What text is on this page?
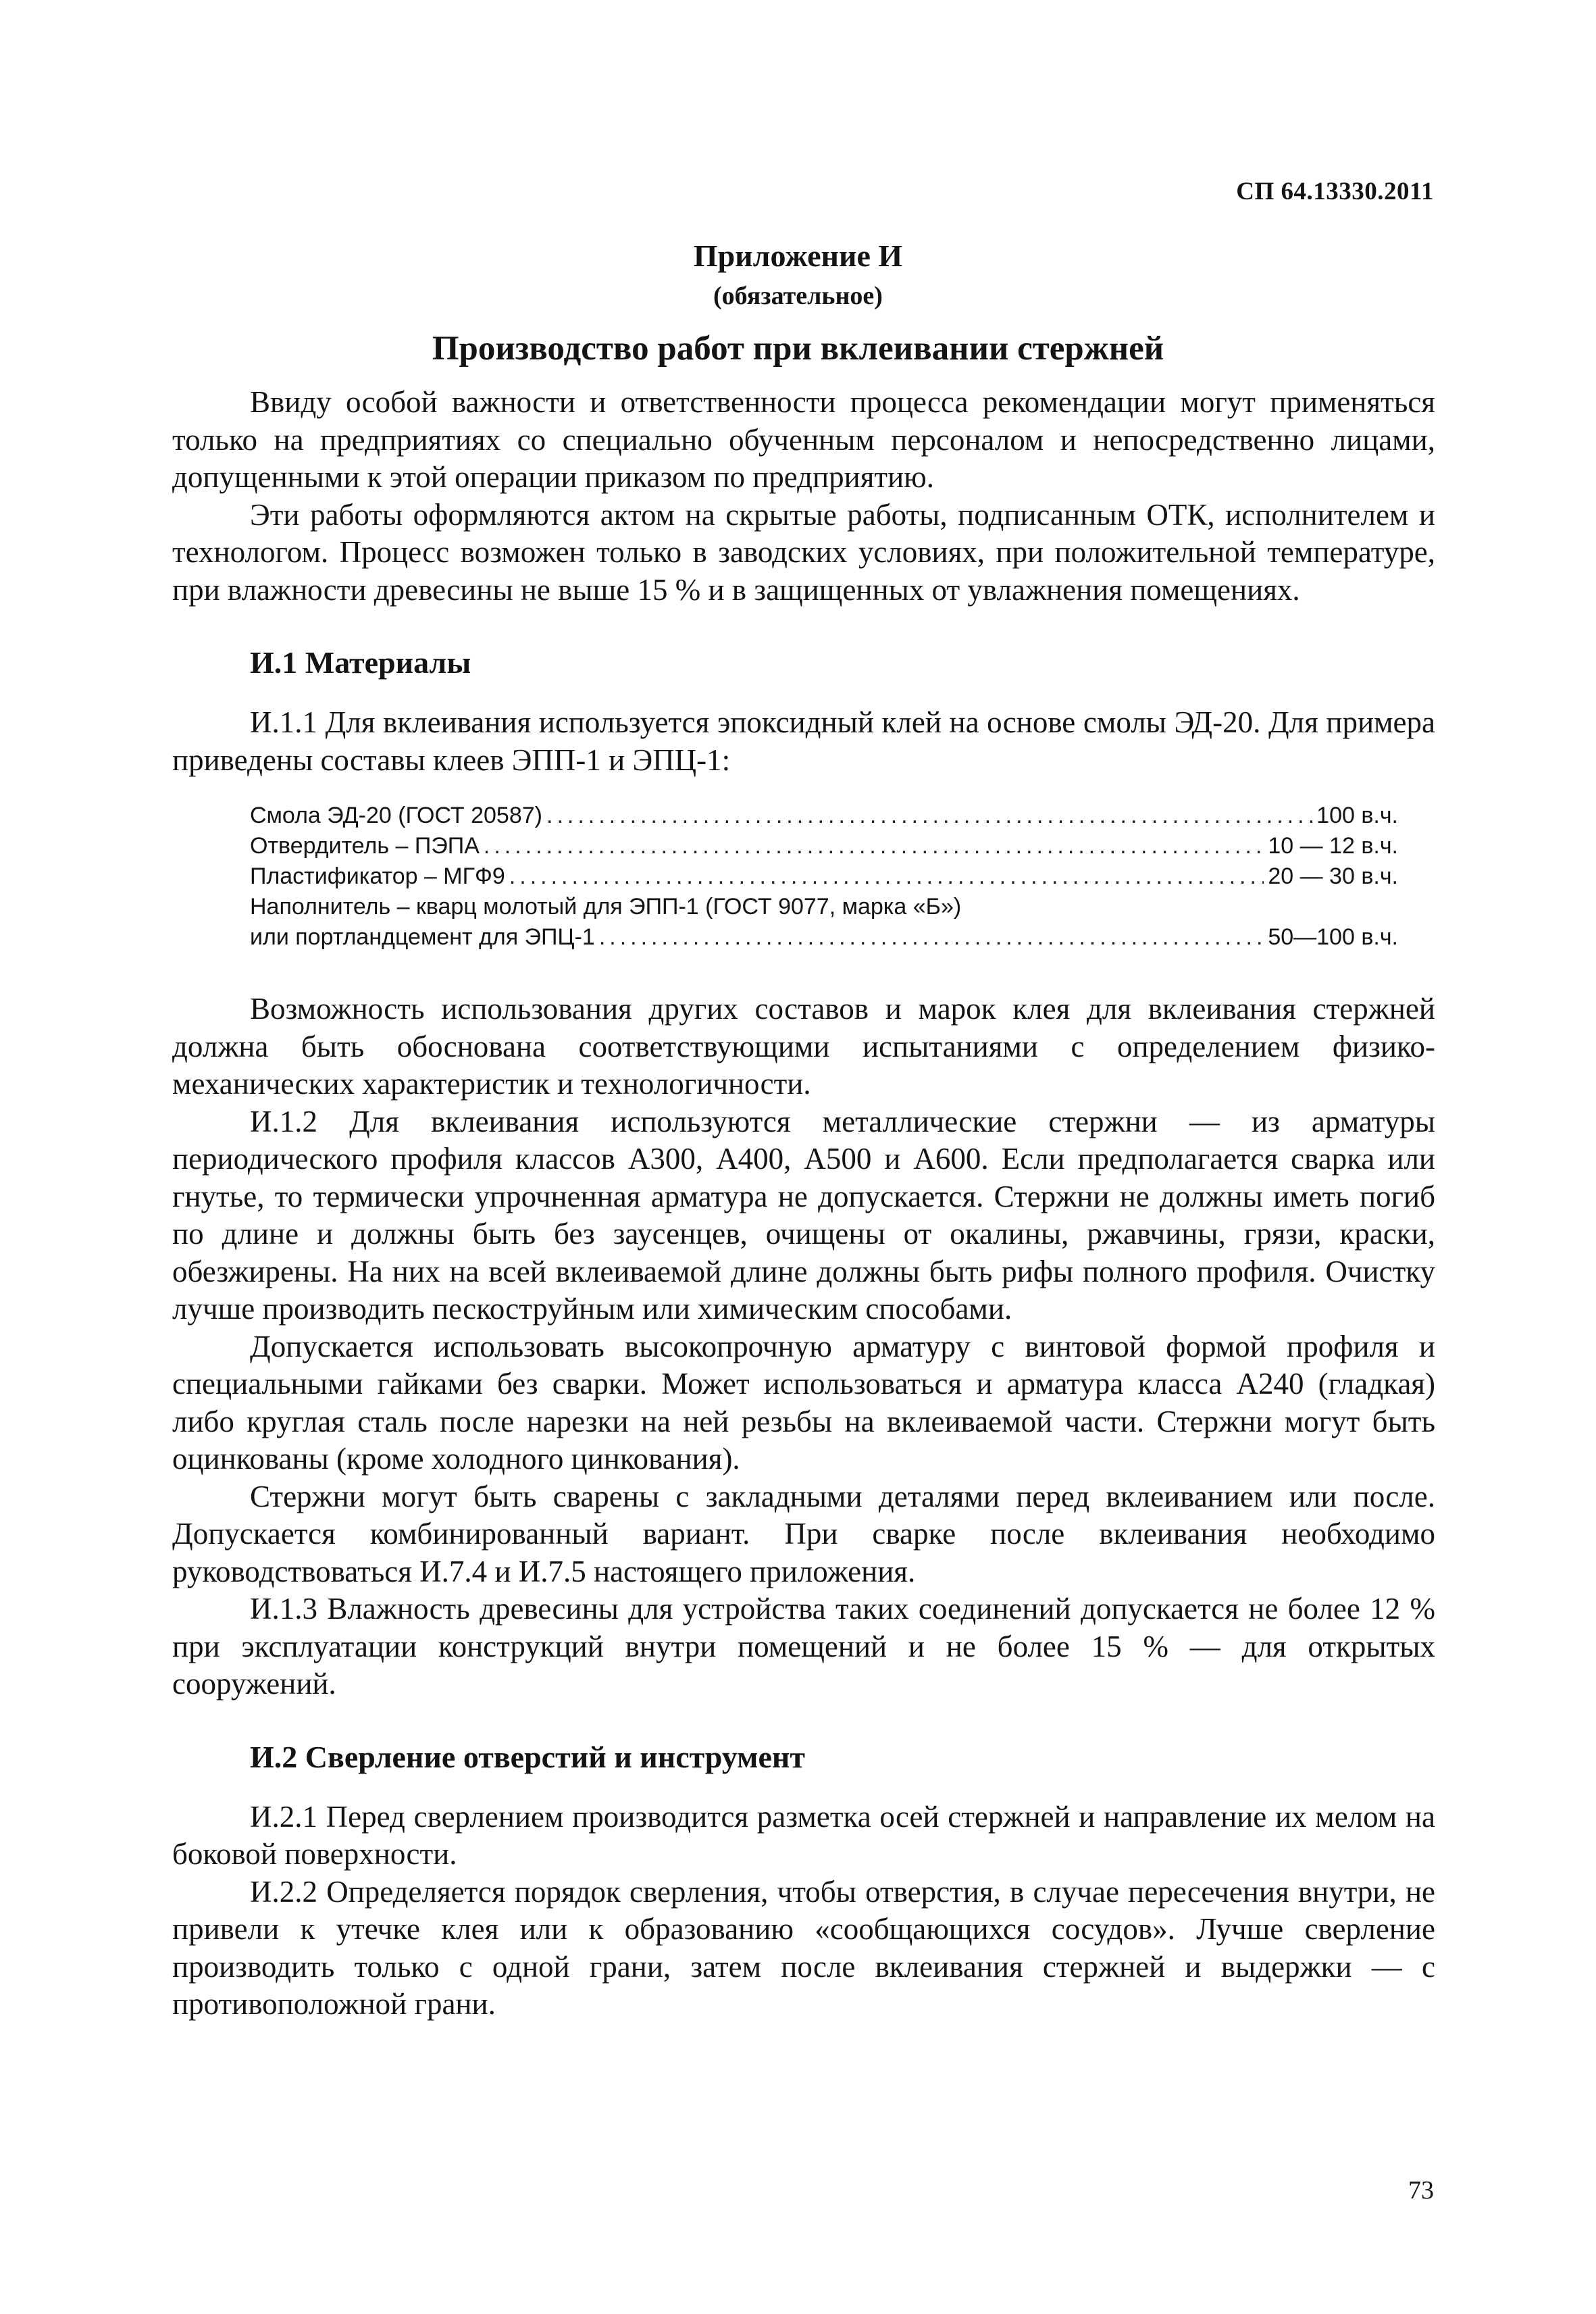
СП 64.13330.2011
Приложение И
(обязательное)
Производство работ при вклеивании стержней

Ввиду особой важности и ответственности процесса рекомендации могут применяться только на предприятиях со специально обученным персоналом и непосредственно лицами, допущенными к этой операции приказом по предприятию.

Эти работы оформляются актом на скрытые работы, подписанным ОТК, исполнителем и технологом. Процесс возможен только в заводских условиях, при положительной температуре, при влажности древесины не выше 15 % и в защищенных от увлажнения помещениях.

И.1 Материалы

И.1.1 Для вклеивания используется эпоксидный клей на основе смолы ЭД-20. Для примера приведены составы клеев ЭПП-1 и ЭПЦ-1:

Смола ЭД-20 (ГОСТ 20587) .....	100 в.ч.
Отвердитель – ПЭПА .....	10 — 12 в.ч.
Пластификатор – МГФ9 .....	20 — 30 в.ч.
Наполнитель – кварц молотый для ЭПП-1 (ГОСТ 9077, марка «Б»)
или портландцемент для ЭПЦ-1 .....	50—100 в.ч.

Возможность использования других составов и марок клея для вклеивания стержней должна быть обоснована соответствующими испытаниями с определением физико-механических характеристик и технологичности.

И.1.2 Для вклеивания используются металлические стержни — из арматуры периодического профиля классов А300, А400, А500 и А600. Если предполагается сварка или гнутье, то термически упрочненная арматура не допускается. Стержни не должны иметь погиб по длине и должны быть без заусенцев, очищены от окалины, ржавчины, грязи, краски, обезжирены. На них на всей вклеиваемой длине должны быть рифы полного профиля. Очистку лучше производить пескоструйным или химическим способами.

Допускается использовать высокопрочную арматуру с винтовой формой профиля и специальными гайками без сварки. Может использоваться и арматура класса А240 (гладкая) либо круглая сталь после нарезки на ней резьбы на вклеиваемой части. Стержни могут быть оцинкованы (кроме холодного цинкования).

Стержни могут быть сварены с закладными деталями перед вклеиванием или после. Допускается комбинированный вариант. При сварке после вклеивания необходимо руководствоваться И.7.4 и И.7.5 настоящего приложения.

И.1.3 Влажность древесины для устройства таких соединений допускается не более 12 % при эксплуатации конструкций внутри помещений и не более 15 % — для открытых сооружений.

И.2 Сверление отверстий и инструмент

И.2.1 Перед сверлением производится разметка осей стержней и направление их мелом на боковой поверхности.

И.2.2 Определяется порядок сверления, чтобы отверстия, в случае пересечения внутри, не привели к утечке клея или к образованию «сообщающихся сосудов». Лучше сверление производить только с одной грани, затем после вклеивания стержней и выдержки — с противоположной грани.

73
